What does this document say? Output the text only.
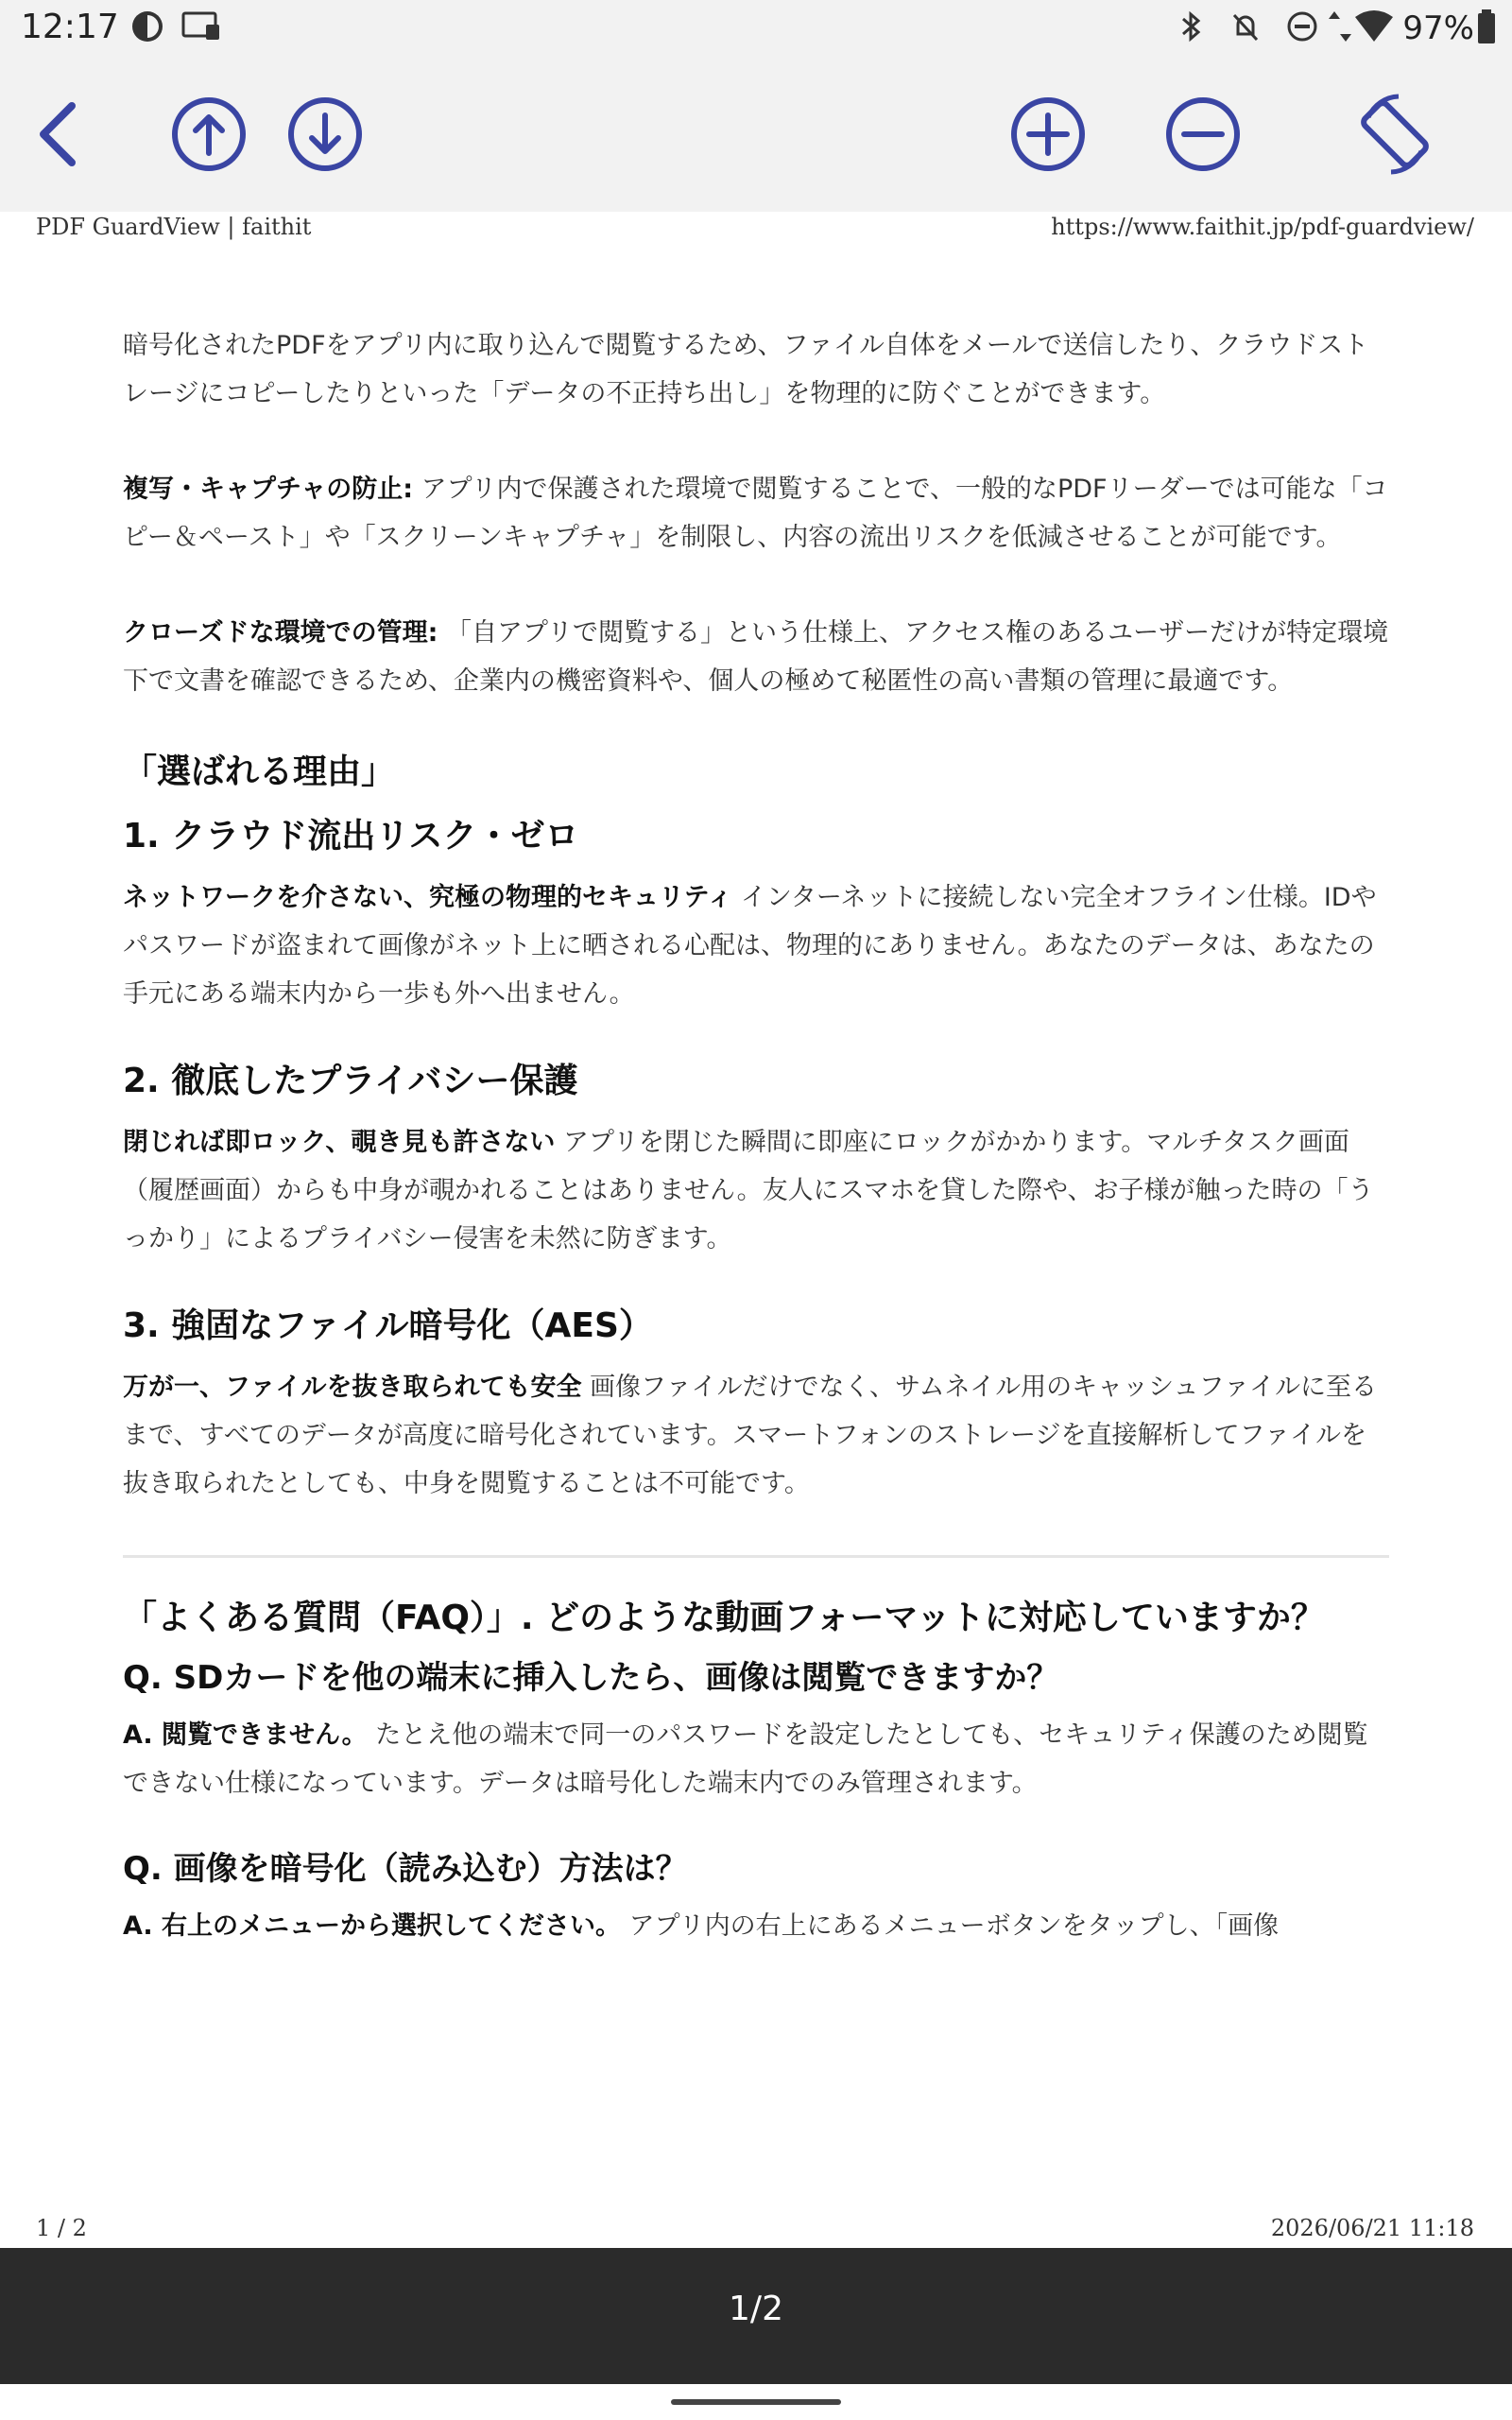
12:17	97%
PDF GuardView | faithit	https://www.faithit.jp/pdf-guardview/

暗号化されたPDFをアプリ内に取り込んで閲覧するため、ファイル自体をメールで送信したり、クラウドストレージにコピーしたりといった「データの不正持ち出し」を物理的に防ぐことができます。

複写・キャプチャの防止: アプリ内で保護された環境で閲覧することで、一般的なPDFリーダーでは可能な「コピー＆ペースト」や「スクリーンキャプチャ」を制限し、内容の流出リスクを低減させることが可能です。

クローズドな環境での管理: 「自アプリで閲覧する」という仕様上、アクセス権のあるユーザーだけが特定環境下で文書を確認できるため、企業内の機密資料や、個人の極めて秘匿性の高い書類の管理に最適です。

「選ばれる理由」
1. クラウド流出リスク・ゼロ

ネットワークを介さない、究極の物理的セキュリティ インターネットに接続しない完全オフライン仕様。IDやパスワードが盗まれて画像がネット上に晒される心配は、物理的にありません。あなたのデータは、あなたの手元にある端末内から一歩も外へ出ません。

2. 徹底したプライバシー保護

閉じれば即ロック、覗き見も許さない アプリを閉じた瞬間に即座にロックがかかります。マルチタスク画面（履歴画面）からも中身が覗かれることはありません。友人にスマホを貸した際や、お子様が触った時の「うっかり」によるプライバシー侵害を未然に防ぎます。

3. 強固なファイル暗号化（AES）

万が一、ファイルを抜き取られても安全 画像ファイルだけでなく、サムネイル用のキャッシュファイルに至るまで、すべてのデータが高度に暗号化されています。スマートフォンのストレージを直接解析してファイルを抜き取られたとしても、中身を閲覧することは不可能です。

「よくある質問（FAQ）」. どのような動画フォーマットに対応していますか？
Q. SDカードを他の端末に挿入したら、画像は閲覧できますか？

A. 閲覧できません。 たとえ他の端末で同一のパスワードを設定したとしても、セキュリティ保護のため閲覧できない仕様になっています。データは暗号化した端末内でのみ管理されます。

Q. 画像を暗号化（読み込む）方法は？

A. 右上のメニューから選択してください。 アプリ内の右上にあるメニューボタンをタップし、「画像

1 / 2	2026/06/21 11:18
1/2
